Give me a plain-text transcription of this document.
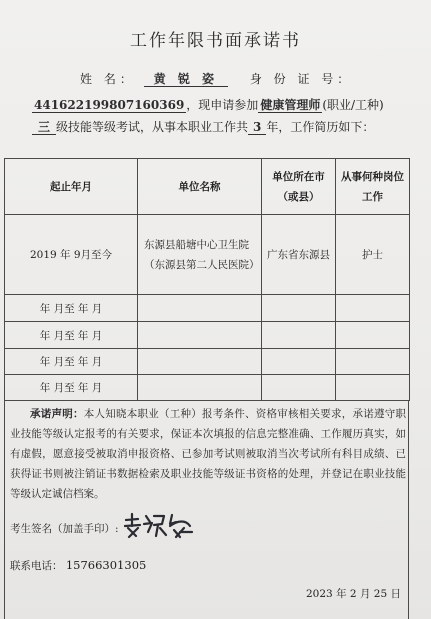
工作年限书面承诺书
姓 名： 黄 锐 姿	身 份 证 号：
441622199807160369 ，现申请参加 健康管理师 (职业/工种)
三 级技能等级考试，从事本职业工作共 3 年，工作简历如下：
起止年月	单位名称	单位所在市（或县）	从事何种岗位工作
2019 年 9月至今	东源县船塘中心卫生院（东源县第二人民医院）	广东省东源县	护士
年 月至 年 月			
年 月至 年 月			
年 月至 年 月			
年 月至 年 月			
承诺声明：本人知晓本职业（工种）报考条件、资格审核相关要求，承诺遵守职业技能等级认定报考的有关要求，保证本次填报的信息完整准确、工作履历真实，如有虚假，愿意接受被取消申报资格、已参加考试则被取消当次考试所有科目成绩、已获得证书则被注销证书数据检索及职业技能等级证书资格的处理，并登记在职业技能等级认定诚信档案。
考生签名（加盖手印）:
联系电话： 15766301305
2023 年 2 月 25 日
